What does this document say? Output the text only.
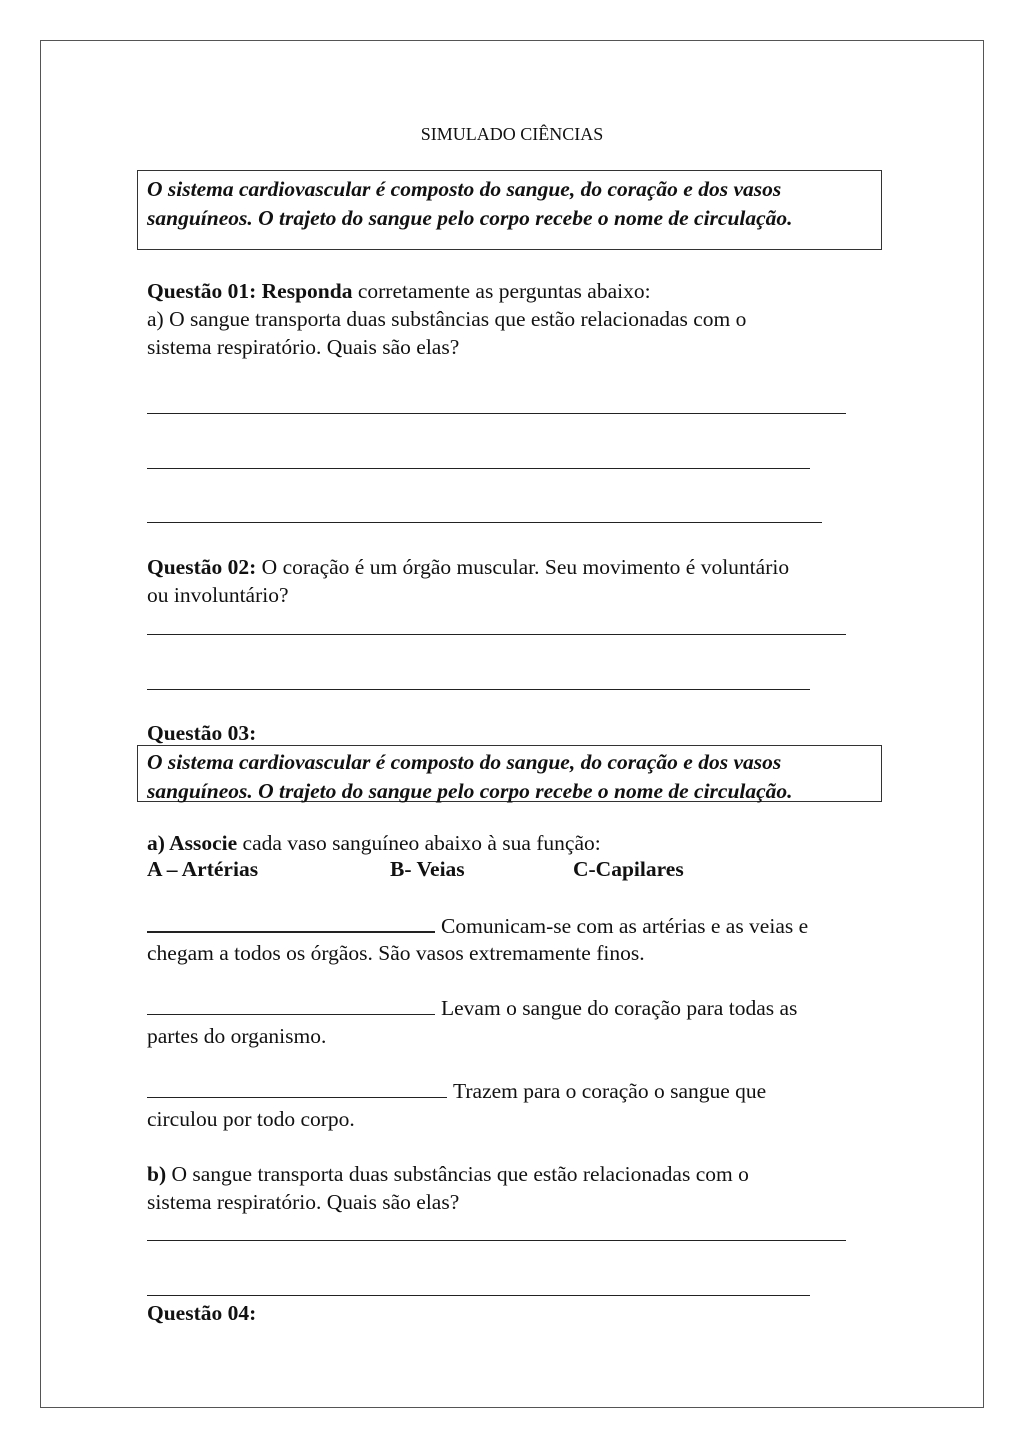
SIMULADO CIÊNCIAS
O sistema cardiovascular é composto do sangue, do coração e dos vasos
sanguíneos. O trajeto do sangue pelo corpo recebe o nome de circulação.
Questão 01: Responda corretamente as perguntas abaixo:
a) O sangue transporta duas substâncias que estão relacionadas com o
sistema respiratório. Quais são elas?
Questão 02: O coração é um órgão muscular. Seu movimento é voluntário
ou involuntário?
Questão 03:
O sistema cardiovascular é composto do sangue, do coração e dos vasos
sanguíneos. O trajeto do sangue pelo corpo recebe o nome de circulação.
a) Associe cada vaso sanguíneo abaixo à sua função:
A – Artérias	B- Veias	C-Capilares
Comunicam-se com as artérias e as veias e
chegam a todos os órgãos. São vasos extremamente finos.
Levam o sangue do coração para todas as
partes do organismo.
Trazem para o coração o sangue que
circulou por todo corpo.
b) O sangue transporta duas substâncias que estão relacionadas com o
sistema respiratório. Quais são elas?
Questão 04:
